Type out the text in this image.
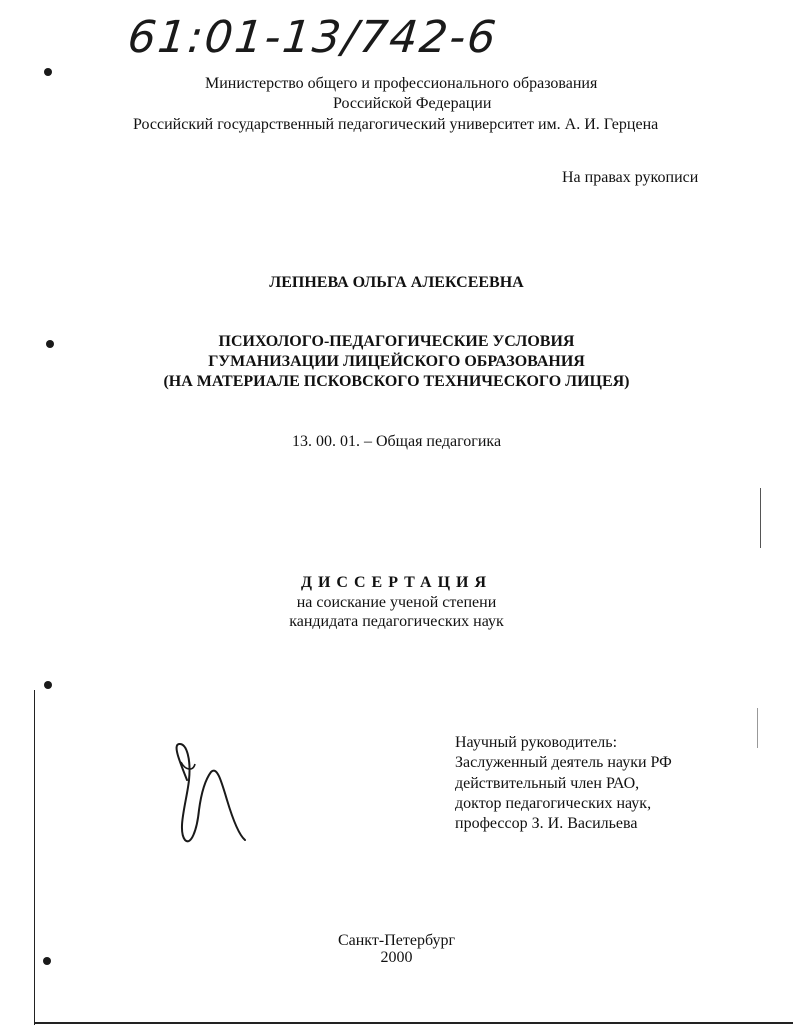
61:01-13/742-6
Министерство общего и профессионального образования
Российской Федерации
Российский государственный педагогический университет им. А. И. Герцена
На правах рукописи
ЛЕПНЕВА ОЛЬГА АЛЕКСЕЕВНА
ПСИХОЛОГО-ПЕДАГОГИЧЕСКИЕ УСЛОВИЯ
ГУМАНИЗАЦИИ ЛИЦЕЙСКОГО ОБРАЗОВАНИЯ
(НА МАТЕРИАЛЕ ПСКОВСКОГО ТЕХНИЧЕСКОГО ЛИЦЕЯ)
13. 00. 01. – Общая педагогика
ДИССЕРТАЦИЯ
на соискание ученой степени
кандидата педагогических наук
Научный руководитель:
Заслуженный деятель науки РФ
действительный член РАО,
доктор педагогических наук,
профессор З. И. Васильева
Санкт-Петербург
2000
